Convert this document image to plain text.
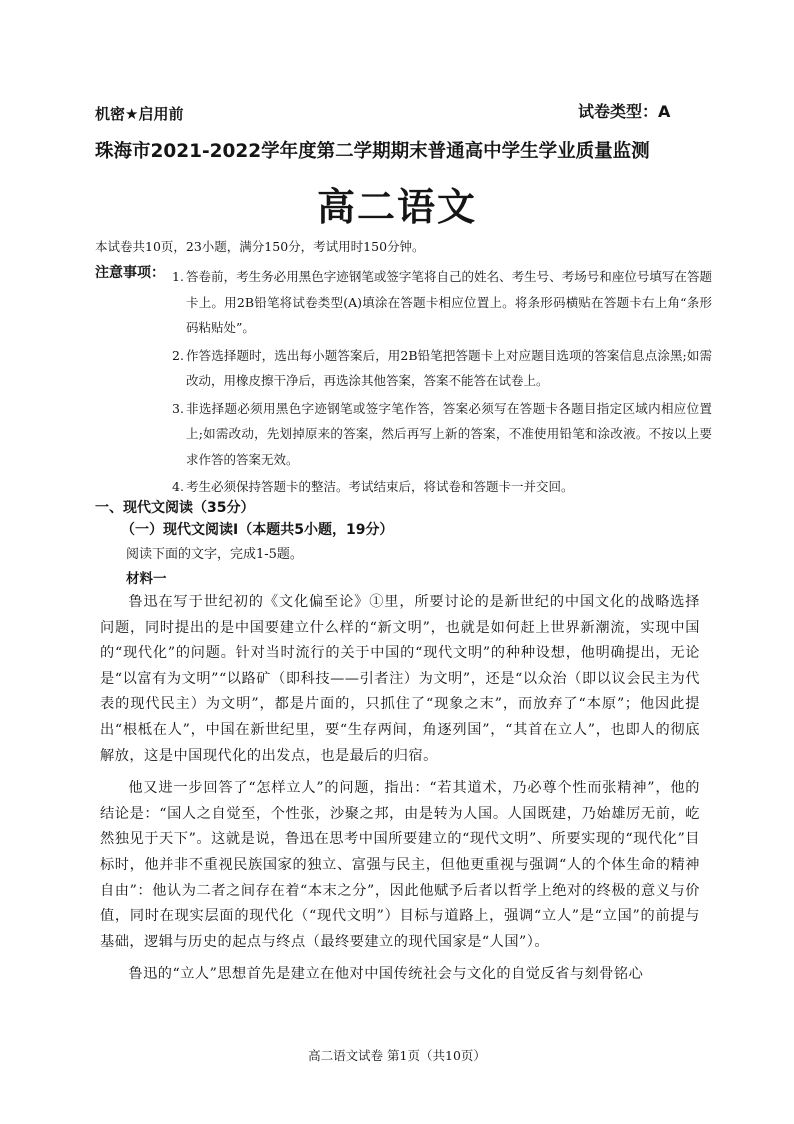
机密★启用前	试卷类型：A
珠海市2021-2022学年度第二学期期末普通高中学生学业质量监测
高二语文
本试卷共10页，23小题，满分150分，考试用时150分钟。
注意事项： 1. 答卷前，考生务必用黑色字迹钢笔或签字笔将自己的姓名、考生号、考场号和座位号填写在答题卡上。用2B铅笔将试卷类型(A)填涂在答题卡相应位置上。将条形码横贴在答题卡右上角“条形码粘贴处”。
2. 作答选择题时，选出每小题答案后，用2B铅笔把答题卡上对应题目选项的答案信息点涂黑;如需改动，用橡皮擦干净后，再选涂其他答案，答案不能答在试卷上。
3. 非选择题必须用黑色字迹钢笔或签字笔作答，答案必须写在答题卡各题目指定区域内相应位置上;如需改动，先划掉原来的答案，然后再写上新的答案，不准使用铅笔和涂改液。不按以上要求作答的答案无效。
4. 考生必须保持答题卡的整洁。考试结束后，将试卷和答题卡一并交回。
一、现代文阅读（35分）
（一）现代文阅读Ⅰ（本题共5小题，19分）
阅读下面的文字，完成1-5题。
材料一

鲁迅在写于世纪初的《文化偏至论》①里，所要讨论的是新世纪的中国文化的战略选择问题，同时提出的是中国要建立什么样的“新文明”，也就是如何赶上世界新潮流，实现中国的“现代化”的问题。针对当时流行的关于中国的“现代文明”的种种设想，他明确提出，无论是“以富有为文明”“以路矿（即科技——引者注）为文明”，还是“以众治（即以议会民主为代表的现代民主）为文明”，都是片面的，只抓住了“现象之末”，而放弃了“本原”；他因此提出“根柢在人”，中国在新世纪里，要“生存两间，角逐列国”，“其首在立人”，也即人的彻底解放，这是中国现代化的出发点，也是最后的归宿。

他又进一步回答了“怎样立人”的问题，指出：“若其道术，乃必尊个性而张精神”，他的结论是：“国人之自觉至，个性张，沙聚之邦，由是转为人国。人国既建，乃始雄厉无前，屹然独见于天下”。这就是说，鲁迅在思考中国所要建立的“现代文明”、所要实现的“现代化”目标时，他并非不重视民族国家的独立、富强与民主，但他更重视与强调“人的个体生命的精神自由”：他认为二者之间存在着“本末之分”，因此他赋予后者以哲学上绝对的终极的意义与价值，同时在现实层面的现代化（“现代文明”）目标与道路上，强调“立人”是“立国”的前提与基础，逻辑与历史的起点与终点（最终要建立的现代国家是“人国”）。

鲁迅的“立人”思想首先是建立在他对中国传统社会与文化的自觉反省与刻骨铭心

高二语文试卷 第1页（共10页）
